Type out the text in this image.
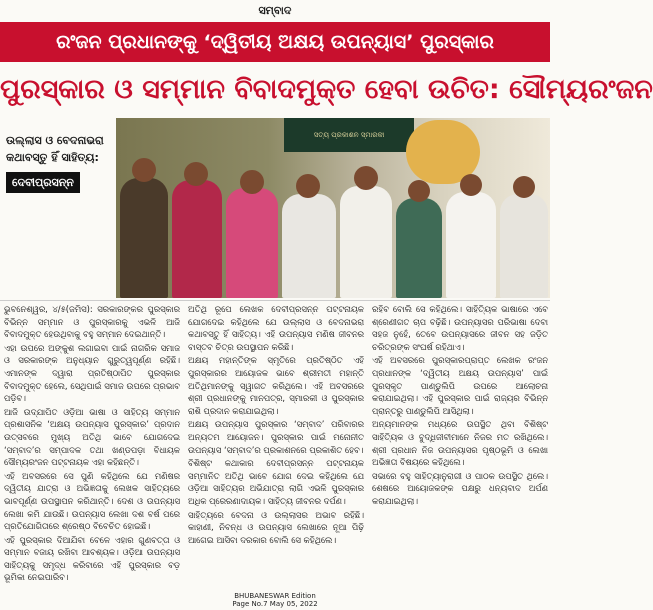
ସମ୍ବାଦ
ରଂଜନ ପ୍ରଧାନଙ୍କୁ ‘ଦ୍ୱିତୀୟ ଅକ୍ଷୟ ଉପନ୍ୟାସ’ ପୁରସ୍କାର
ପୁରସ୍କାର ଓ ସମ୍ମାନ ବିବାଦମୁକ୍ତ ହେବା ଉଚିତ: ସୌମ୍ୟରଂଜନ
ଉଲ୍ଲାସ ଓ ବେଦନାଭରା
କଥାବସ୍ତୁ ହିଁ ସାହିତ୍ୟ:
ଦେବୀପ୍ରସନ୍ନ
ସତ୍ୟ ପ୍ରକାଶନ ସ୍ମାରକୀ

ଭୁବନେଶ୍ୱର, ୪/୫(ଜମିସ): ସରକାରଙ୍କର ପୁରସ୍କାର ବିଭିନ୍ନ ସମ୍ମାନ ଓ ପୁରସ୍କାରକୁ ଏଭଳି ଆଜି ବିବାଦମୁକ୍ତ ହେଉଥିବାକୁ ବହୁ ସମ୍ମାନ ଦେଇଥାନ୍ତି।

ଏହା ଉପରେ ଅଙ୍କୁଶ ଲଗାଇବା ପାଇଁ ନାଗରିକ ସମାଜ ଓ ସରକାରଙ୍କ ଅନୁଧ୍ୟାନ ଗୁରୁତ୍ୱପୂର୍ଣ୍ଣ ରହିଛି। ଏମାନଙ୍କ ଦ୍ୱାରା ପ୍ରତିଷ୍ଠାପିତ ପୁରସ୍କାର ବିବାଦମୁକ୍ତ ହେଲେ, ସେଥିପାଇଁ ସମାଜ ଉପରେ ପ୍ରଭାବ ପଡ଼ିବ।

ଆଜି ଉଦ୍‌ଯାପିତ ଓଡ଼ିଆ ଭାଷା ଓ ସାହିତ୍ୟ ସମ୍ମାନ ପ୍ରଶାସନିକ ‘ଅକ୍ଷୟ ଉପନ୍ୟାସ ପୁରସ୍କାର’ ପ୍ରଦାନ ଉତ୍ସବରେ ମୁଖ୍ୟ ଅତିଥି ଭାବେ ଯୋଗଦେଇ ‘ସମ୍ବାଦ’ର ସମ୍ପାଦକ ତଥା ଖଣ୍ଡପଡ଼ା ବିଧାୟକ ସୌମ୍ୟରଂଜନ ପଟ୍ଟନାୟକ ଏହା କହିଛନ୍ତି।

ଏହି ଅବସରରେ ସେ ପୁଣି କହିଥିଲେ ଯେ ମଣିଷର ଦ୍ୱିତୀୟ ଯାତ୍ରା ଓ ଅଭିଜ୍ଞତାକୁ ଲେଖକ ସାହିତ୍ୟରେ ଭାବପୂର୍ଣ୍ଣ ଉପସ୍ଥାପନ କରିଥାନ୍ତି। ଦେଶ ଓ ଉପନ୍ୟାସ ଲେଖା କମି ଯାଉଛି। ଉପନ୍ୟାସ ଲେଖା ଦଶ ବର୍ଷ ପରେ ପ୍ରତିଯୋଗିତାରେ ଶ୍ରେଷ୍ଠ ବିବେଚିତ ହୋଇଛି।

ଏହି ପୁରସ୍କାର ଦିଆଯିବା ବେଳେ ଏହାର ଗୁଣବତ୍ତା ଓ ସମ୍ମାନ ବଜାୟ ରଖିବା ଆବଶ୍ୟକ। ଓଡ଼ିଆ ଉପନ୍ୟାସ ସାହିତ୍ୟକୁ ସମୃଦ୍ଧ କରିବାରେ ଏହି ପୁରସ୍କାର ବଡ଼ ଭୂମିକା ନେଇପାରିବ।

ଅତିଥି ରୂପେ ଲେଖକ ଦେବୀପ୍ରସନ୍ନ ପଟ୍ଟନାୟକ ଯୋଗଦେଇ କହିଥିଲେ ଯେ ଉଲ୍ଲାସ ଓ ବେଦନାଭରା କଥାବସ୍ତୁ ହିଁ ସାହିତ୍ୟ। ଏହି ଉପନ୍ୟାସ ମଣିଷ ଜୀବନର ବାସ୍ତବ ଚିତ୍ର ଉପସ୍ଥାପନ କରିଛି।

ଅକ୍ଷୟ ମହାନ୍ତିଙ୍କ ସ୍ମୃତିରେ ପ୍ରତିଷ୍ଠିତ ଏହି ପୁରସ୍କାରର ଆୟୋଜକ ଭାବେ ଶ୍ରୀମତୀ ମହାନ୍ତି ଅତିଥିମାନଙ୍କୁ ସ୍ୱାଗତ କରିଥିଲେ। ଏହି ଅବସରରେ ଶ୍ରୀ ପ୍ରଧାନଙ୍କୁ ମାନପତ୍ର, ସ୍ମାରକୀ ଓ ପୁରସ୍କାର ରାଶି ପ୍ରଦାନ କରାଯାଇଥିଲା।

ଅକ୍ଷୟ ଉପନ୍ୟାସ ପୁରସ୍କାର ‘ସମ୍ବାଦ’ ପରିବାରର ଅନ୍ୟତମ ଆୟୋଜନ। ପୁରସ୍କାର ପାଇଁ ମନୋନୀତ ଉପନ୍ୟାସ ‘ସମ୍ବାଦ’ର ପ୍ରକାଶନରେ ପ୍ରକାଶିତ ହେବ।

ବିଶିଷ୍ଟ କଥାକାର ଦେବୀପ୍ରସନ୍ନ ପଟ୍ଟନାୟକ ସମ୍ମାନିତ ଅତିଥି ଭାବେ ଯୋଗ ଦେଇ କହିଥିଲେ ଯେ ଓଡ଼ିଆ ସାହିତ୍ୟର ଅଭିଯାତ୍ରା ଲାଗି ଏଭଳି ପୁରସ୍କାର ଅଧିକ ପ୍ରେରଣାଦାୟକ। ସାହିତ୍ୟ ଜୀବନର ଦର୍ପଣ।

ସାହିତ୍ୟରେ ବେଦନା ଓ ଉଲ୍ଲାସର ଅଭାବ ରହିଛି। କାହାଣୀ, ନିବନ୍ଧ ଓ ଉପନ୍ୟାସ ଲେଖାରେ ନୂଆ ପିଢ଼ି ଆଗେଇ ଆସିବା ଦରକାର ବୋଲି ସେ କହିଥିଲେ।

ରହିବ ବୋଲି ସେ କହିଥିଲେ। ସାହିତ୍ୟିକ ଭାଷାରେ ଏବେ ଶ୍ରେଣୀଗତ ଚାପ ବଢ଼ିଛି। ଉପନ୍ୟାସର ପରିଭାଷା ଦେବା ସହଜ ନୁହେଁ, ତେବେ ଉପନ୍ୟାସରେ ଜୀବନ ସହ ଜଡ଼ିତ ଚରିତ୍ରଙ୍କ ସଂଘର୍ଷ ରହିଥାଏ।

ଏହି ଅବସରରେ ପୁରସ୍କାରପ୍ରାପ୍ତ ଲେଖକ ରଂଜନ ପ୍ରଧାନଙ୍କ ‘ଦ୍ୱିତୀୟ ଅକ୍ଷୟ ଉପନ୍ୟାସ’ ପାଇଁ ପୁରସ୍କୃତ ପାଣ୍ଡୁଲିପି ଉପରେ ଆଲୋଚନା କରାଯାଇଥିଲା। ଏହି ପୁରସ୍କାର ପାଇଁ ରାଜ୍ୟର ବିଭିନ୍ନ ପ୍ରାନ୍ତରୁ ପାଣ୍ଡୁଲିପି ଆସିଥିଲା।

ଅନ୍ୟମାନଙ୍କ ମଧ୍ୟରେ ଉପସ୍ଥିତ ଥିବା ବିଶିଷ୍ଟ ସାହିତ୍ୟିକ ଓ ବୁଦ୍ଧିଜୀବୀମାନେ ନିଜର ମତ ରଖିଥିଲେ। ଶ୍ରୀ ପ୍ରଧାନ ନିଜ ଉପନ୍ୟାସର ପୃଷ୍ଠଭୂମି ଓ ଲେଖା ଅଭିଜ୍ଞତା ବିଷୟରେ କହିଥିଲେ।

ସଭାରେ ବହୁ ସାହିତ୍ୟାନୁରାଗୀ ଓ ପାଠକ ଉପସ୍ଥିତ ଥିଲେ। ଶେଷରେ ଆୟୋଜକଙ୍କ ପକ୍ଷରୁ ଧନ୍ୟବାଦ ଅର୍ପଣ କରାଯାଇଥିଲା।

BHUBANESWAR Edition
Page No.7 May 05, 2022
